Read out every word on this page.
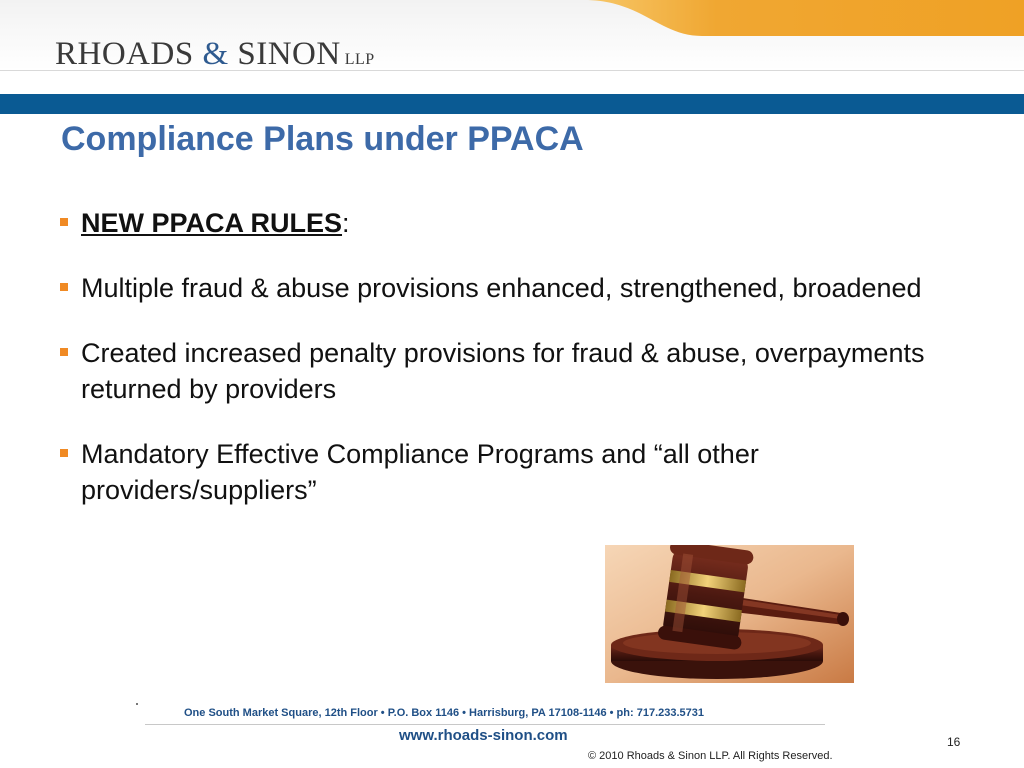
RHOADS & SINON LLP
Compliance Plans under PPACA
NEW PPACA RULES:
Multiple fraud & abuse provisions enhanced, strengthened, broadened
Created increased penalty provisions for fraud & abuse, overpayments returned by providers
Mandatory Effective Compliance Programs and “all other providers/suppliers”
One South Market Square, 12th Floor • P.O. Box 1146 • Harrisburg, PA 17108-1146 • ph: 717.233.5731
www.rhoads-sinon.com	16
© 2010 Rhoads & Sinon LLP. All Rights Reserved.
